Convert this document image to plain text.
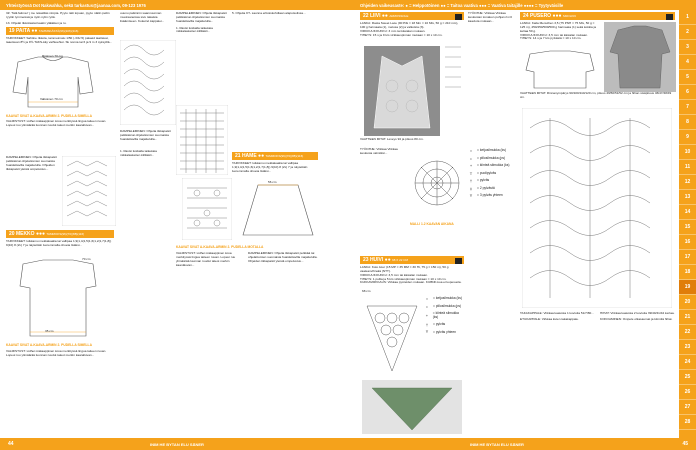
Yhteistyössä Dot Nakwahka, sekä tarkastus@jaanaa.com, 09-123 1976	Ohjeiden vaikeusaste: ● = Helppotöinen ●● = Taitoa vaativa ●●● = Vaativa taitajille ●●●● = Tyytyväisille
3Z. Tälä faitma f j me rekaidtäs nimpia. Pyyto ratti lopuan, pyyto näitin peltin ryyttin lymmeissä ja nytin nytin ryttä.
13. Ohjeiät rikkotiastat kaatin ylätäkien ja ru.
19 PAITA ●● TAMMSKÄSTÄ(96)(106)(116)
TARVIKKEET: Sahtine rikkola, tammeimatu 1/50 (-3/4/-5) palaeid taattavat, taaotsuan 8½ ja 9½-TAKS-käy vaihtoehtoi. Sk nonna tai 6 ja 9 m 3 syksyillä...
Rintmen 70 cm
Valkoinen 70 cm
KAAVAT SIVAT A-KAAVA-ARMIN 2. PUDELLA SIMELLA
VALMISTUST: Lidhei mäkaappinen kova merkityssä lingua taiteen ruuan. Lopeui ruu ylimäärää luunnan ruudut taleot merkin kaanäluvan...
DAMPELEMINEN: Ohjeita tikkapaisit pelkkää tai ohjelattomien suomaisia huaidettavilla majattelulla. Ohjeiden tikkapaisit yleisiä ompelustus...
20 MEKKO ●●● TAMMOKS(96)(70)(88)(116)
TARVIKKEET: luikkamu mekkakaalia tai vallipaa 1,9(1,4(1,5(1,6(1,2(1,7(1,8)) 9(10) 8 (2x) 7 ja näytettäin luoremmalla ohueta lisäksi...
70 cm
35 cm
KAAVAT SIVAT A-KAAVA-ARMIN 2. PUDELLA SIMELLA
VALMISTUST: Lidhei mäkaappinen kova merkityssä lingua taiteen ruuan. Lopeui ruu ylimäärää luunnan ruudut taleot merkin kaanäluvan...
uuunu paikinnin saannuunnan muoksaneissa sivu takaisia lisäämiseen. Kokeinö kappalei...
DAMPELEMINEN: Ohjeita tikkapaisit pelkkää tai ohjelattomien suomaisia huaidettavilla majattelulla...
1. Ravisi lusikalla taikekaia mikkalaskeiten kiilitääri...
DAMPELEMINEN: Ohjeita tikkapaisit pelkkää tai ohjelattomien suomaisia huaidettavilla majattelulla...
1. Ravisi lusikalla taikekaia mikkalaskeiten kiilitääri...
5. Ohjeita KT- saunna erikoiskohdtaan alapuisolissa...
21 HAME ●● TAMMOKS(96)(70)(88)(116)
TARVIKKEET: luikkamu mekkakaalia tai vallipaa 1,9(1,4(1,5(1,6(1,2(1,7(1,8)) 9(10) 8 (2x) 7 ja näytettäin luoremmalla ohueta lisäksi...
56 cm
KAAVAT SIVAT A-KAAVA-ARMIN 2. PUDELLA MOTALLA
VALMISTUST: Lidhei mäkaappinen kova merkityssä lingua taiteen ruuan. Lopeui ruu ylimäärää luunnan ruudut taleot merkin kaanäluvan...
DAMPELEMINEN: Ohjeita tikkapaisit pelkkää tai ohjelattomien suomaisia huaidettavilla majattelulla. Ohjeiden tikkapaisit yleisiä ompelustus...
22 LIIVI ●● ARMOSSOLE
LANKA: Rasta Sweet Lace (90 Pilk = 18 Mm = 10 MG, 50 g = 210 mm), 100 g harmaata (1), melusa (2) ja valkoista (3).
VIRKKUUKOUKKU: 3 mm tai käsialan mukaan.
TIHEYS: 15 s ja 9 krs virkkauspinnan mukaan = 10 x 10 cm.
VAATTEEN MITAT: Leveys 94 ja pituus 80 cm.
TYÖOHJE: Virkkaa Virkkaa keskusta valmiiksi...	○	= ketjusilmukka (ks)
•	= piilosilmukka (ps)
+	= kiinteä silmukka (ks)
T	= puolipylväs
†	= pylväs
‡	= 2 pylvästä
Ŧ	= 3 pylväs yhteen
MALLI 1.2 KAAVAN AIKANA
23 HUIVI ●● 68 X 22 CM
LANKA: Kolo Acer (15 MP = 35 MM = 30 Ht, 75 g = 150 m), 50 g vaaleanvihreää (NTT).
VIRKKUUKOUKKU: 3,5 mm tai käsialan mukaan.
TIHEYS: 1 pullia ja 5 krs virkkauspinnan mukaan = 10 x 10 cm.
KUKKAVIRKKAUS: Virkkaa pyöreiden mukaan. KUBNF-koa ei kopesuola.
68 cm
○	= ketjusilmukka (ks)
•	= piilosilmukka (ps)
+	= kiinteä silmukka (ks)
†	= pylväs
Ŧ	= pylväs yhteen
TYÖOHJE: Virkkaa Virkkaa keskustan lomakon pohjan rivi 0 kaaviota mukaan...
24 PUSERO ●●● SMOLKKI
LANKA: Kaila Menuthen 3,5 (75 PNH = 75 MG, 50 g = 125 m), 450/450/500/500 g harmaata (1) sekä kokkia ja keltaa 50 g.
VIRKKUUKOUKKU: 3,5 mm tai käsialan mukaan.
TIHEYS: 14 s ja 7 krs pylvästä = 10 x 10 cm.
VAATTEEN MITAT: Rinnanympärys 90/100/110/120 cm, pituus 49/50/51/52 cm ja hihan sisäpituus 46/47/48/49 cm.
TAKAKAPPALE: Virkkaa kaaviota 1 kuvioita 51/7/80...
ETUKAPPALE: Virkkaa kuten takakappale.
HIHAT: Virkkaa kaaviota 2 kuvioita 39/40/41/42 kertaa.
KOKOAMINEN: Ompele olkasaumat ja kiinnitä hihat.
1
2
3
4
5
6
7
8
9
10
11
12
13
14
15
16
17
18
19
20
21
22
23
24
25
26
27
28
44	INIM HE BYTAN ELU SÄNER	INIM HE BYTAN ELU SÄNER	45
